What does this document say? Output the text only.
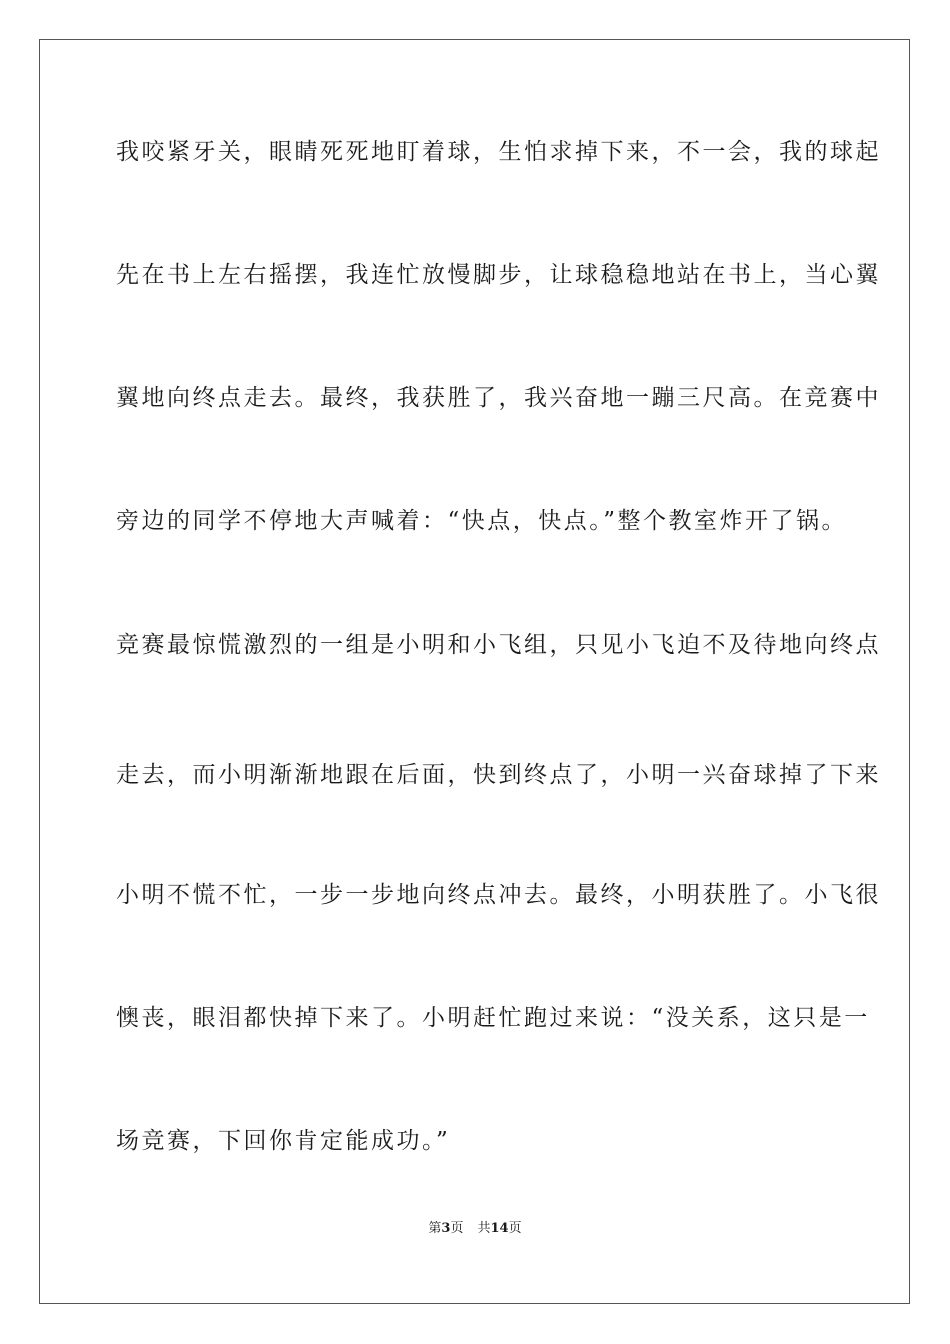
我咬紧牙关，眼睛死死地盯着球，生怕求掉下来，不一会，我的球起
先在书上左右摇摆，我连忙放慢脚步，让球稳稳地站在书上，当心翼
翼地向终点走去。最终，我获胜了，我兴奋地一蹦三尺高。在竞赛中
旁边的同学不停地大声喊着：“快点，快点。”整个教室炸开了锅。
竞赛最惊慌激烈的一组是小明和小飞组，只见小飞迫不及待地向终点
走去，而小明渐渐地跟在后面，快到终点了，小明一兴奋球掉了下来
小明不慌不忙，一步一步地向终点冲去。最终，小明获胜了。小飞很
懊丧，眼泪都快掉下来了。小明赶忙跑过来说：“没关系，这只是一
场竞赛，下回你肯定能成功。”
第3页 共14页
